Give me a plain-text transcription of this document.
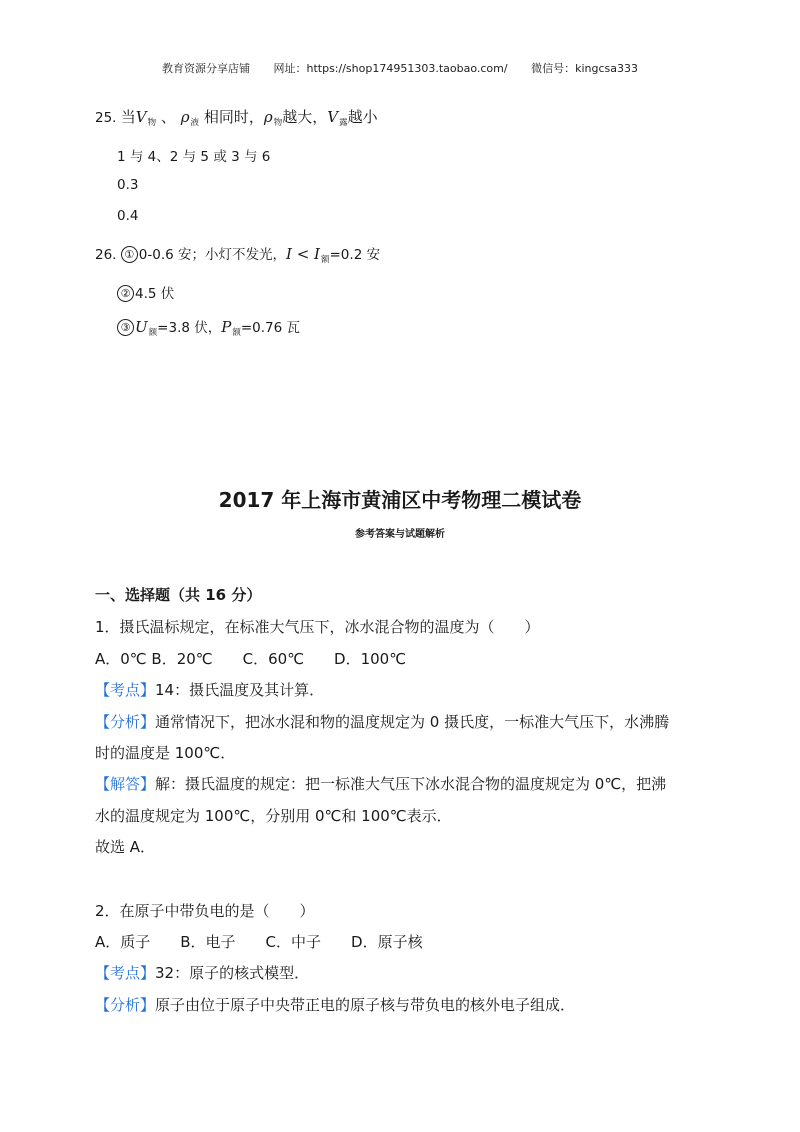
教育资源分享店铺 网址：https://shop174951303.taobao.com/ 微信号：kingcsa333
25. 当$V_物$ 、 $\rho_液$ 相同时，$\rho_物$越大，$V_露$越小
1 与 4、2 与 5 或 3 与 6
0.3
0.4
26. ① 0-0.6 安；小灯不发光，$I < I_额=0.2$ 安
② 4.5 伏
③ $U_额=3.8$ 伏，$P_额=0.76$ 瓦
2017 年上海市黄浦区中考物理二模试卷
参考答案与试题解析
一、选择题（共 16 分）
1．摄氏温标规定，在标准大气压下，冰水混合物的温度为（　　）
A．0℃ B．20℃　　C．60℃　　D．100℃
【考点】14：摄氏温度及其计算．
【分析】通常情况下，把冰水混和物的温度规定为 0 摄氏度，一标准大气压下，水沸腾
时的温度是 100℃．
【解答】解：摄氏温度的规定：把一标准大气压下冰水混合物的温度规定为 0℃，把沸
水的温度规定为 100℃，分别用 0℃和 100℃表示．
故选 A．
2．在原子中带负电的是（　　）
A．质子　　B．电子　　C．中子　　D．原子核
【考点】32：原子的核式模型．
【分析】原子由位于原子中央带正电的原子核与带负电的核外电子组成．
